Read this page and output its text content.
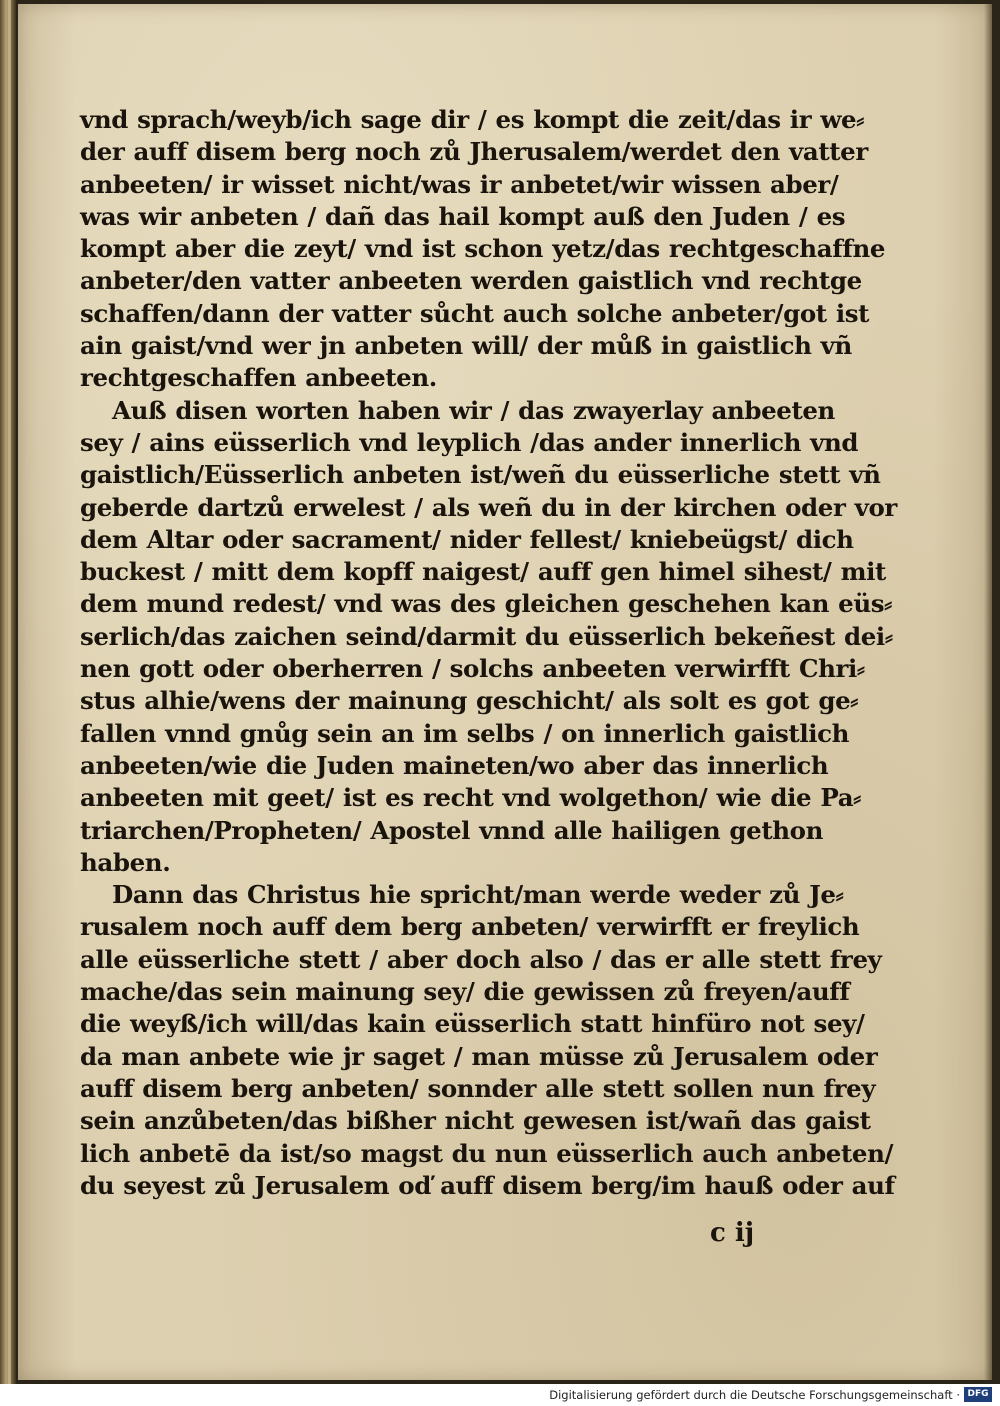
vnd sprach/weyb/ich sage dir / es kompt die zeit/das ir we⸗
der auff disem berg noch zů Jherusalem/werdet den vatter
anbeeten/ ir wisset nicht/was ir anbetet/wir wissen aber/
was wir anbeten / dañ das hail kompt auß den Juden / es
kompt aber die zeyt/ vnd ist schon yetz/das rechtgeschaffne
anbeter/den vatter anbeeten werden gaistlich vnd rechtge
schaffen/dann der vatter sůcht auch solche anbeter/got ist
ain gaist/vnd wer jn anbeten will/ der můß in gaistlich vñ
rechtgeschaffen anbeeten.
Auß disen worten haben wir / das zwayerlay anbeeten
sey / ains eüsserlich vnd leyplich /das ander innerlich vnd
gaistlich/Eüsserlich anbeten ist/weñ du eüsserliche stett vñ
geberde dartzů erwelest / als weñ du in der kirchen oder vor
dem Altar oder sacrament/ nider fellest/ kniebeügst/ dich
buckest / mitt dem kopff naigest/ auff gen himel sihest/ mit
dem mund redest/ vnd was des gleichen geschehen kan eüs⸗
serlich/das zaichen seind/darmit du eüsserlich bekeñest dei⸗
nen gott oder oberherren / solchs anbeeten verwirfft Chri⸗
stus alhie/wens der mainung geschicht/ als solt es got ge⸗
fallen vnnd gnůg sein an im selbs / on innerlich gaistlich
anbeeten/wie die Juden maineten/wo aber das innerlich
anbeeten mit geet/ ist es recht vnd wolgethon/ wie die Pa⸗
triarchen/Propheten/ Apostel vnnd alle hailigen gethon
haben.
Dann das Christus hie spricht/man werde weder zů Je⸗
rusalem noch auff dem berg anbeten/ verwirfft er freylich
alle eüsserliche stett / aber doch also / das er alle stett frey
mache/das sein mainung sey/ die gewissen zů freyen/auff
die weyß/ich will/das kain eüsserlich statt hinfüro not sey/
da man anbete wie jr saget / man müsse zů Jerusalem oder
auff disem berg anbeten/ sonnder alle stett sollen nun frey
sein anzůbeten/das bißher nicht gewesen ist/wañ das gaist
lich anbetē da ist/so magst du nun eüsserlich auch anbeten/
du seyest zů Jerusalem oď auff disem berg/im hauß oder auf
c ij
Digitalisierung gefördert durch die Deutsche Forschungsgemeinschaft · DFG
